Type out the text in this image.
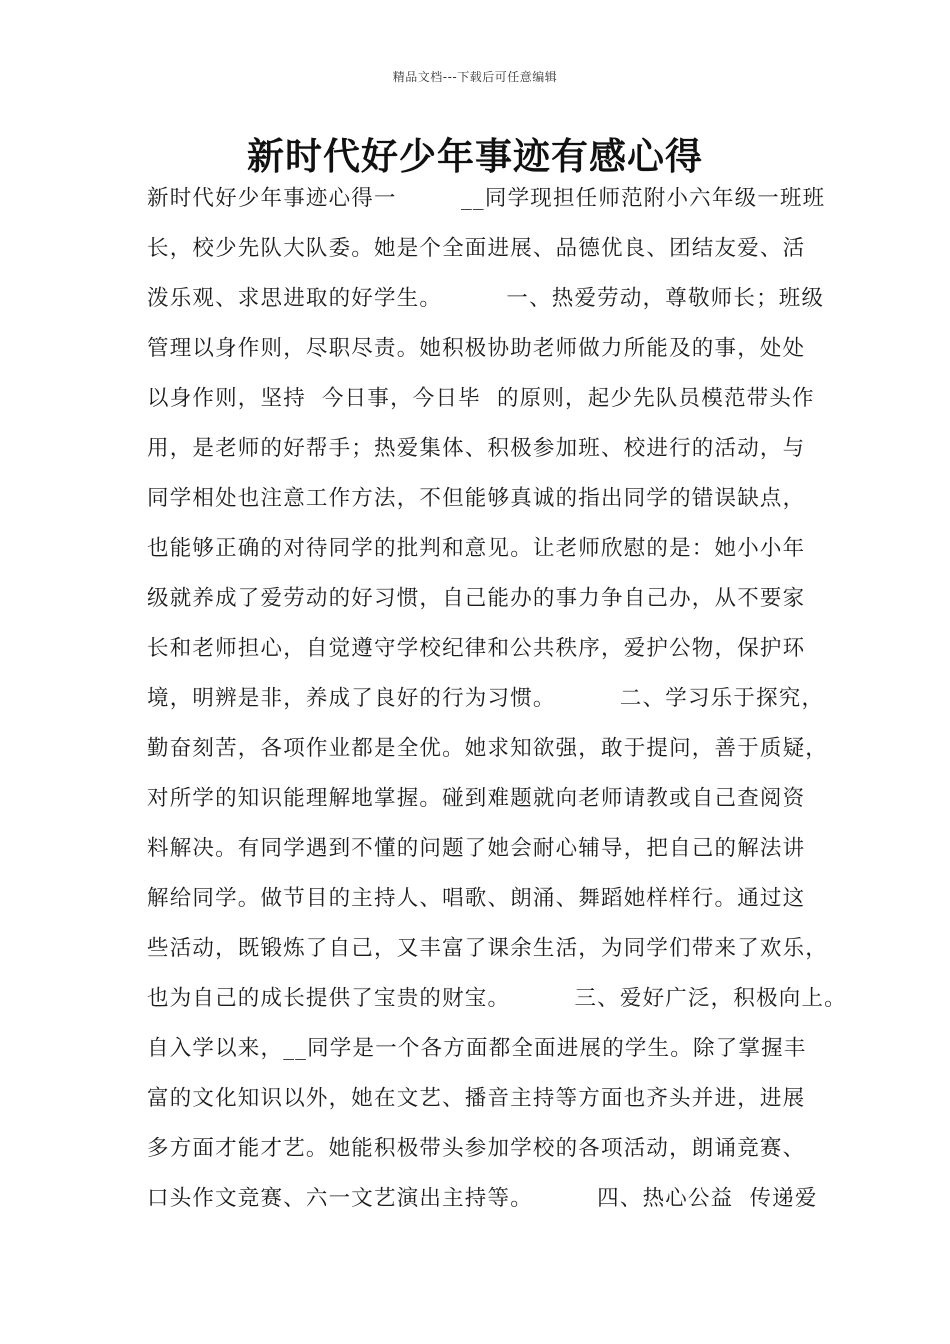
精品文档---下载后可任意编辑
新时代好少年事迹有感心得
新时代好少年事迹心得一        __同学现担任师范附小六年级一班班
长，校少先队大队委。她是个全面进展、品德优良、团结友爱、活
泼乐观、求思进取的好学生。        一、热爱劳动，尊敬师长；班级
管理以身作则，尽职尽责。她积极协助老师做力所能及的事，处处
以身作则，坚持  今日事，今日毕  的原则，起少先队员模范带头作
用，是老师的好帮手；热爱集体、积极参加班、校进行的活动，与
同学相处也注意工作方法，不但能够真诚的指出同学的错误缺点，
也能够正确的对待同学的批判和意见。让老师欣慰的是：她小小年
级就养成了爱劳动的好习惯，自己能办的事力争自己办，从不要家
长和老师担心，自觉遵守学校纪律和公共秩序，爱护公物，保护环
境，明辨是非，养成了良好的行为习惯。        二、学习乐于探究，
勤奋刻苦，各项作业都是全优。她求知欲强，敢于提问，善于质疑，
对所学的知识能理解地掌握。碰到难题就向老师请教或自己查阅资
料解决。有同学遇到不懂的问题了她会耐心辅导，把自己的解法讲
解给同学。做节目的主持人、唱歌、朗涌、舞蹈她样样行。通过这
些活动，既锻炼了自己，又丰富了课余生活，为同学们带来了欢乐，
也为自己的成长提供了宝贵的财宝。        三、爱好广泛，积极向上。
自入学以来，__同学是一个各方面都全面进展的学生。除了掌握丰
富的文化知识以外，她在文艺、播音主持等方面也齐头并进，进展
多方面才能才艺。她能积极带头参加学校的各项活动，朗诵竞赛、
口头作文竞赛、六一文艺演出主持等。        四、热心公益  传递爱
